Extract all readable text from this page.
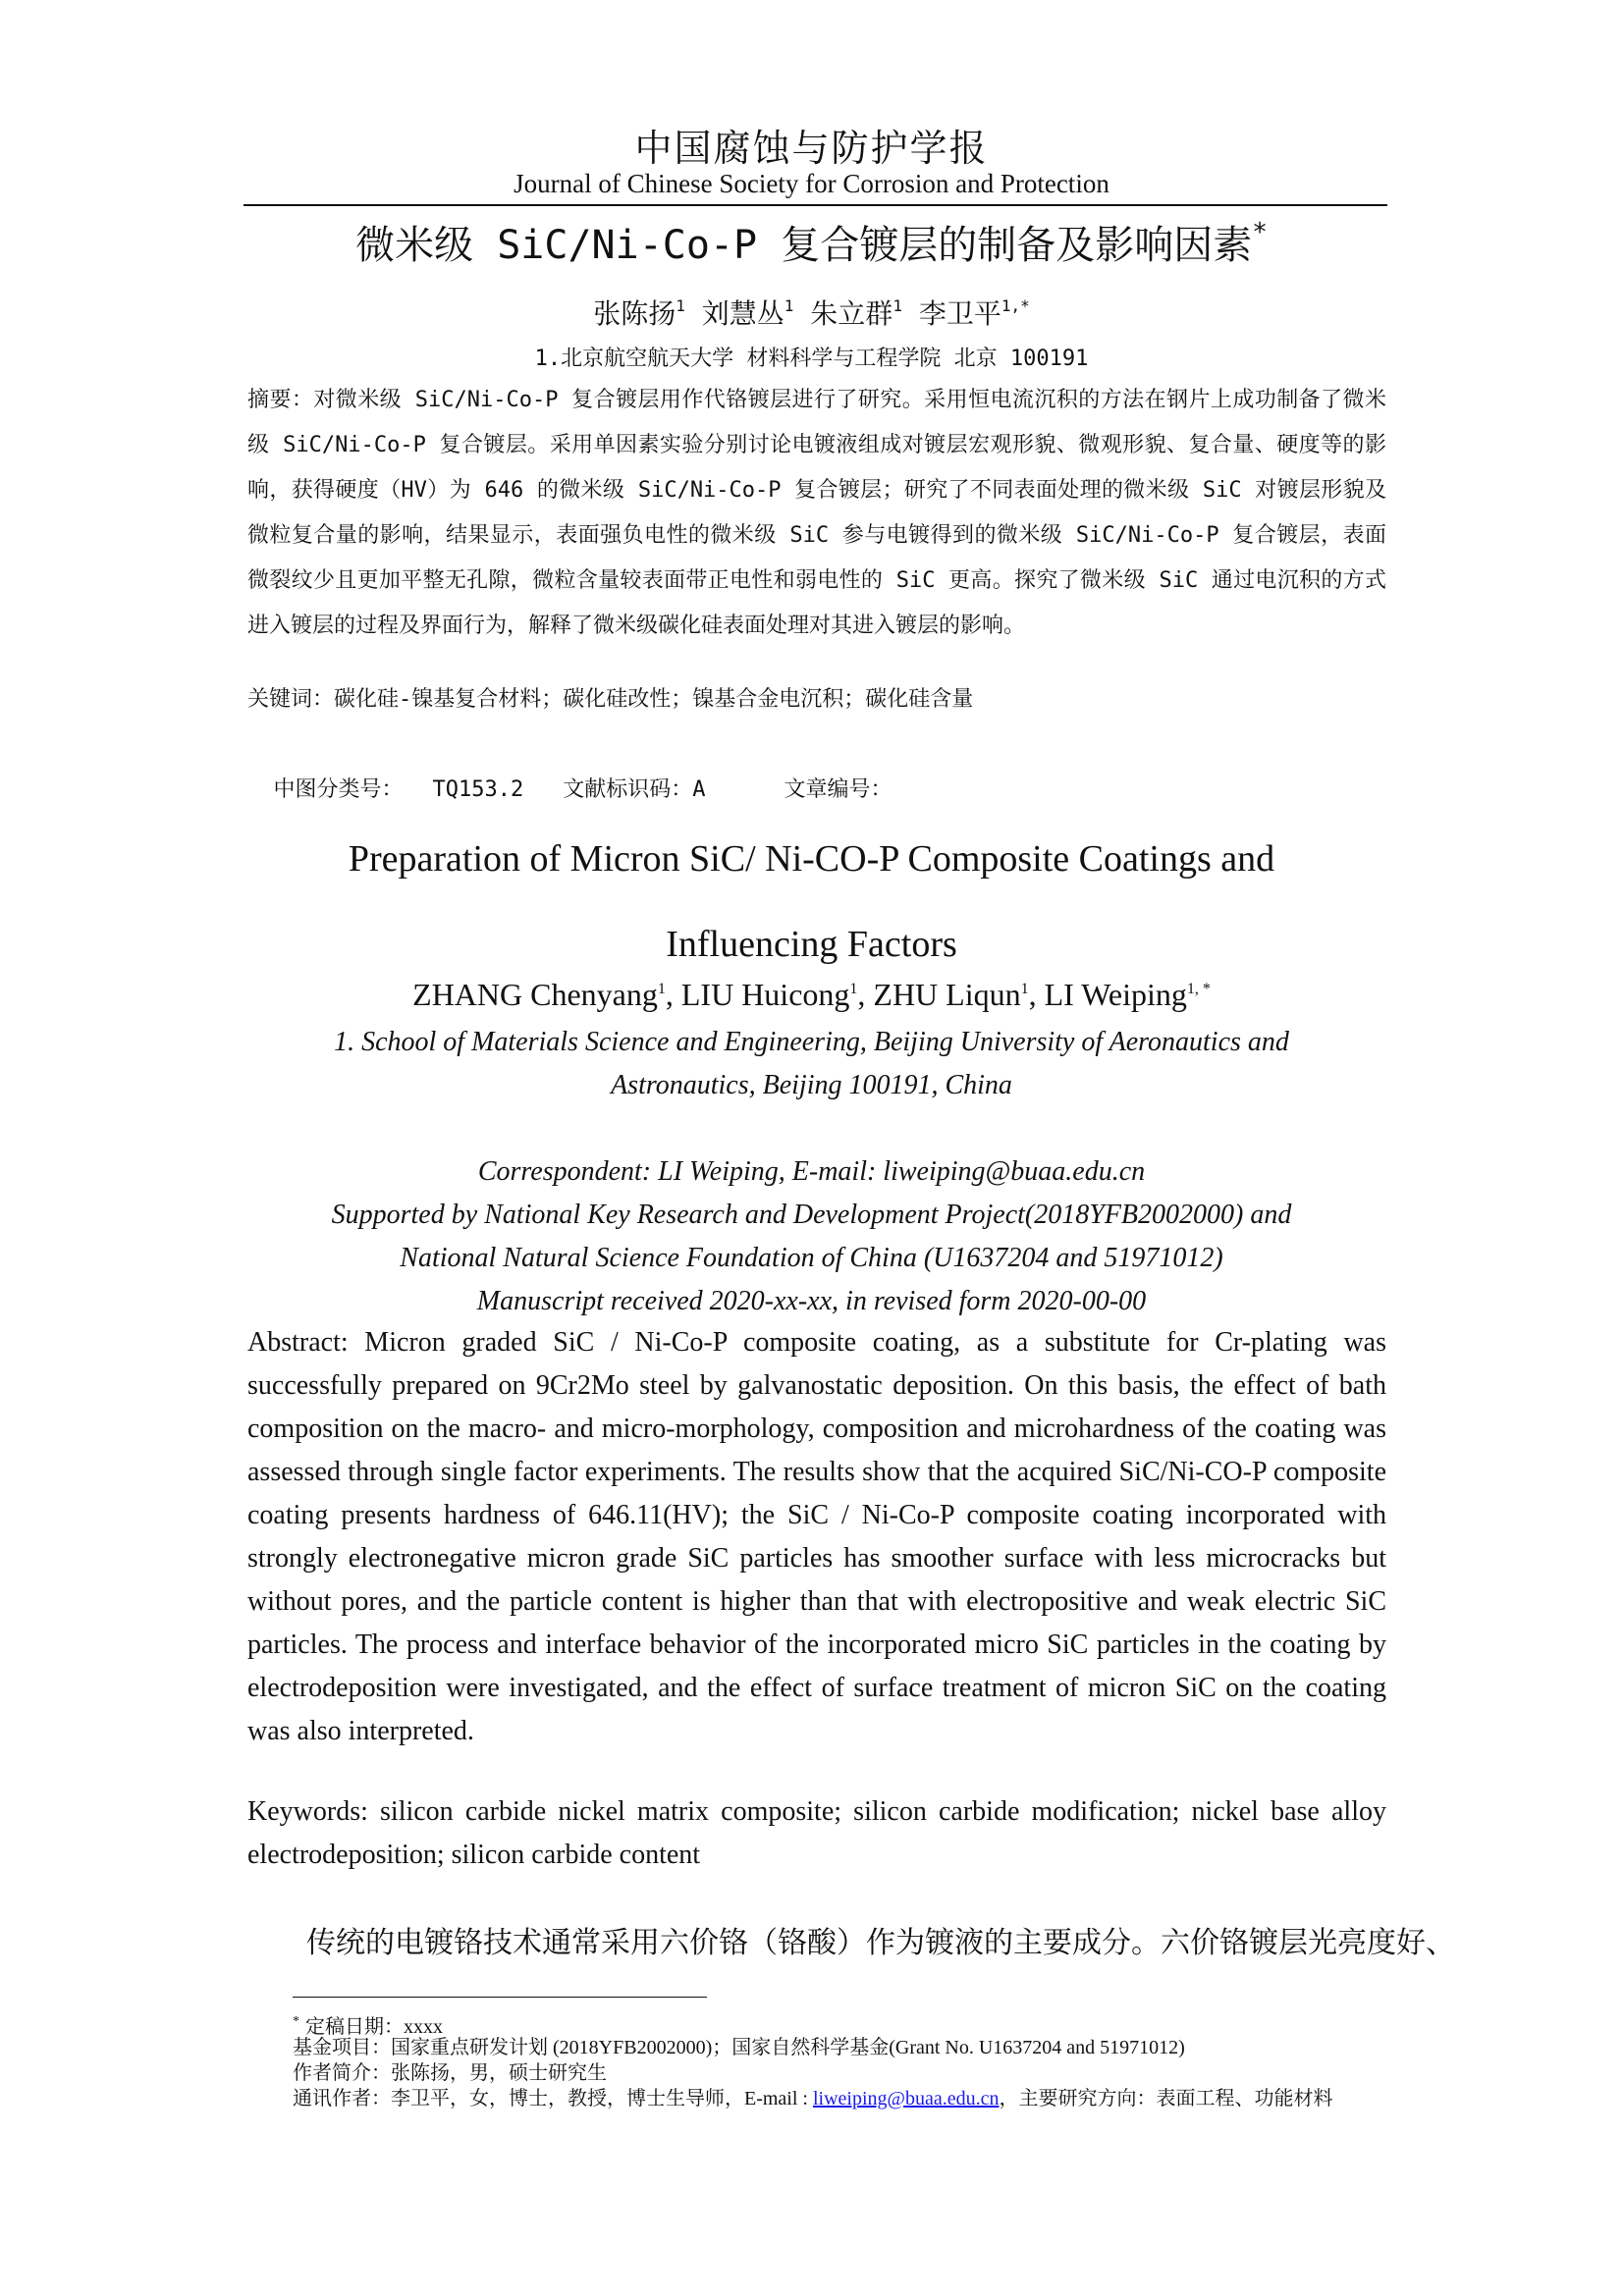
中国腐蚀与防护学报
Journal of Chinese Society for Corrosion and Protection
微米级 SiC/Ni-Co-P 复合镀层的制备及影响因素*
张陈扬$^1$ 刘慧丛$^1$ 朱立群$^1$ 李卫平$^{1,*}$
1.北京航空航天大学 材料科学与工程学院 北京 100191
摘要：对微米级 SiC/Ni-Co-P 复合镀层用作代铬镀层进行了研究。采用恒电流沉积的方法在钢片上成功制备了微米级 SiC/Ni-Co-P 复合镀层。采用单因素实验分别讨论电镀液组成对镀层宏观形貌、微观形貌、复合量、硬度等的影响，获得硬度（HV）为 646 的微米级 SiC/Ni-Co-P 复合镀层；研究了不同表面处理的微米级 SiC 对镀层形貌及微粒复合量的影响，结果显示，表面强负电性的微米级 SiC 参与电镀得到的微米级 SiC/Ni-Co-P 复合镀层，表面微裂纹少且更加平整无孔隙，微粒含量较表面带正电性和弱电性的 SiC 更高。探究了微米级 SiC 通过电沉积的方式进入镀层的过程及界面行为，解释了微米级碳化硅表面处理对其进入镀层的影响。
关键词：碳化硅-镍基复合材料；碳化硅改性；镍基合金电沉积；碳化硅含量

中图分类号： TQ153.2 文献标识码：A	文章编号：

Preparation of Micron SiC/ Ni-CO-P Composite Coatings and
Influencing Factors
ZHANG Chenyang$^1$, LIU Huicong$^1$, ZHU Liqun$^1$, LI Weiping$^{1, *}$
1. School of Materials Science and Engineering, Beijing University of Aeronautics and
Astronautics, Beijing 100191, China
Correspondent: LI Weiping, E-mail: liweiping@buaa.edu.cn
Supported by National Key Research and Development Project(2018YFB2002000) and
National Natural Science Foundation of China (U1637204 and 51971012)
Manuscript received 2020-xx-xx, in revised form 2020-00-00
Abstract: Micron graded SiC / Ni-Co-P composite coating, as a substitute for Cr-plating was successfully prepared on 9Cr2Mo steel by galvanostatic deposition. On this basis, the effect of bath composition on the macro- and micro-morphology, composition and microhardness of the coating was assessed through single factor experiments. The results show that the acquired SiC/Ni-CO-P composite coating presents hardness of 646.11(HV); the SiC / Ni-Co-P composite coating incorporated with strongly electronegative micron grade SiC particles has smoother surface with less microcracks but without pores, and the particle content is higher than that with electropositive and weak electric SiC particles. The process and interface behavior of the incorporated micro SiC particles in the coating by electrodeposition were investigated, and the effect of surface treatment of micron SiC on the coating was also interpreted.
Keywords: silicon carbide nickel matrix composite; silicon carbide modification; nickel base alloy electrodeposition; silicon carbide content
传统的电镀铬技术通常采用六价铬（铬酸）作为镀液的主要成分。六价铬镀层光亮度好、
* 定稿日期：xxxx
基金项目：国家重点研发计划 (2018YFB2002000)；国家自然科学基金(Grant No. U1637204 and 51971012)
作者简介：张陈扬，男，硕士研究生
通讯作者：李卫平，女，博士，教授，博士生导师，E-mail : liweiping@buaa.edu.cn，主要研究方向：表面工程、功能材料
